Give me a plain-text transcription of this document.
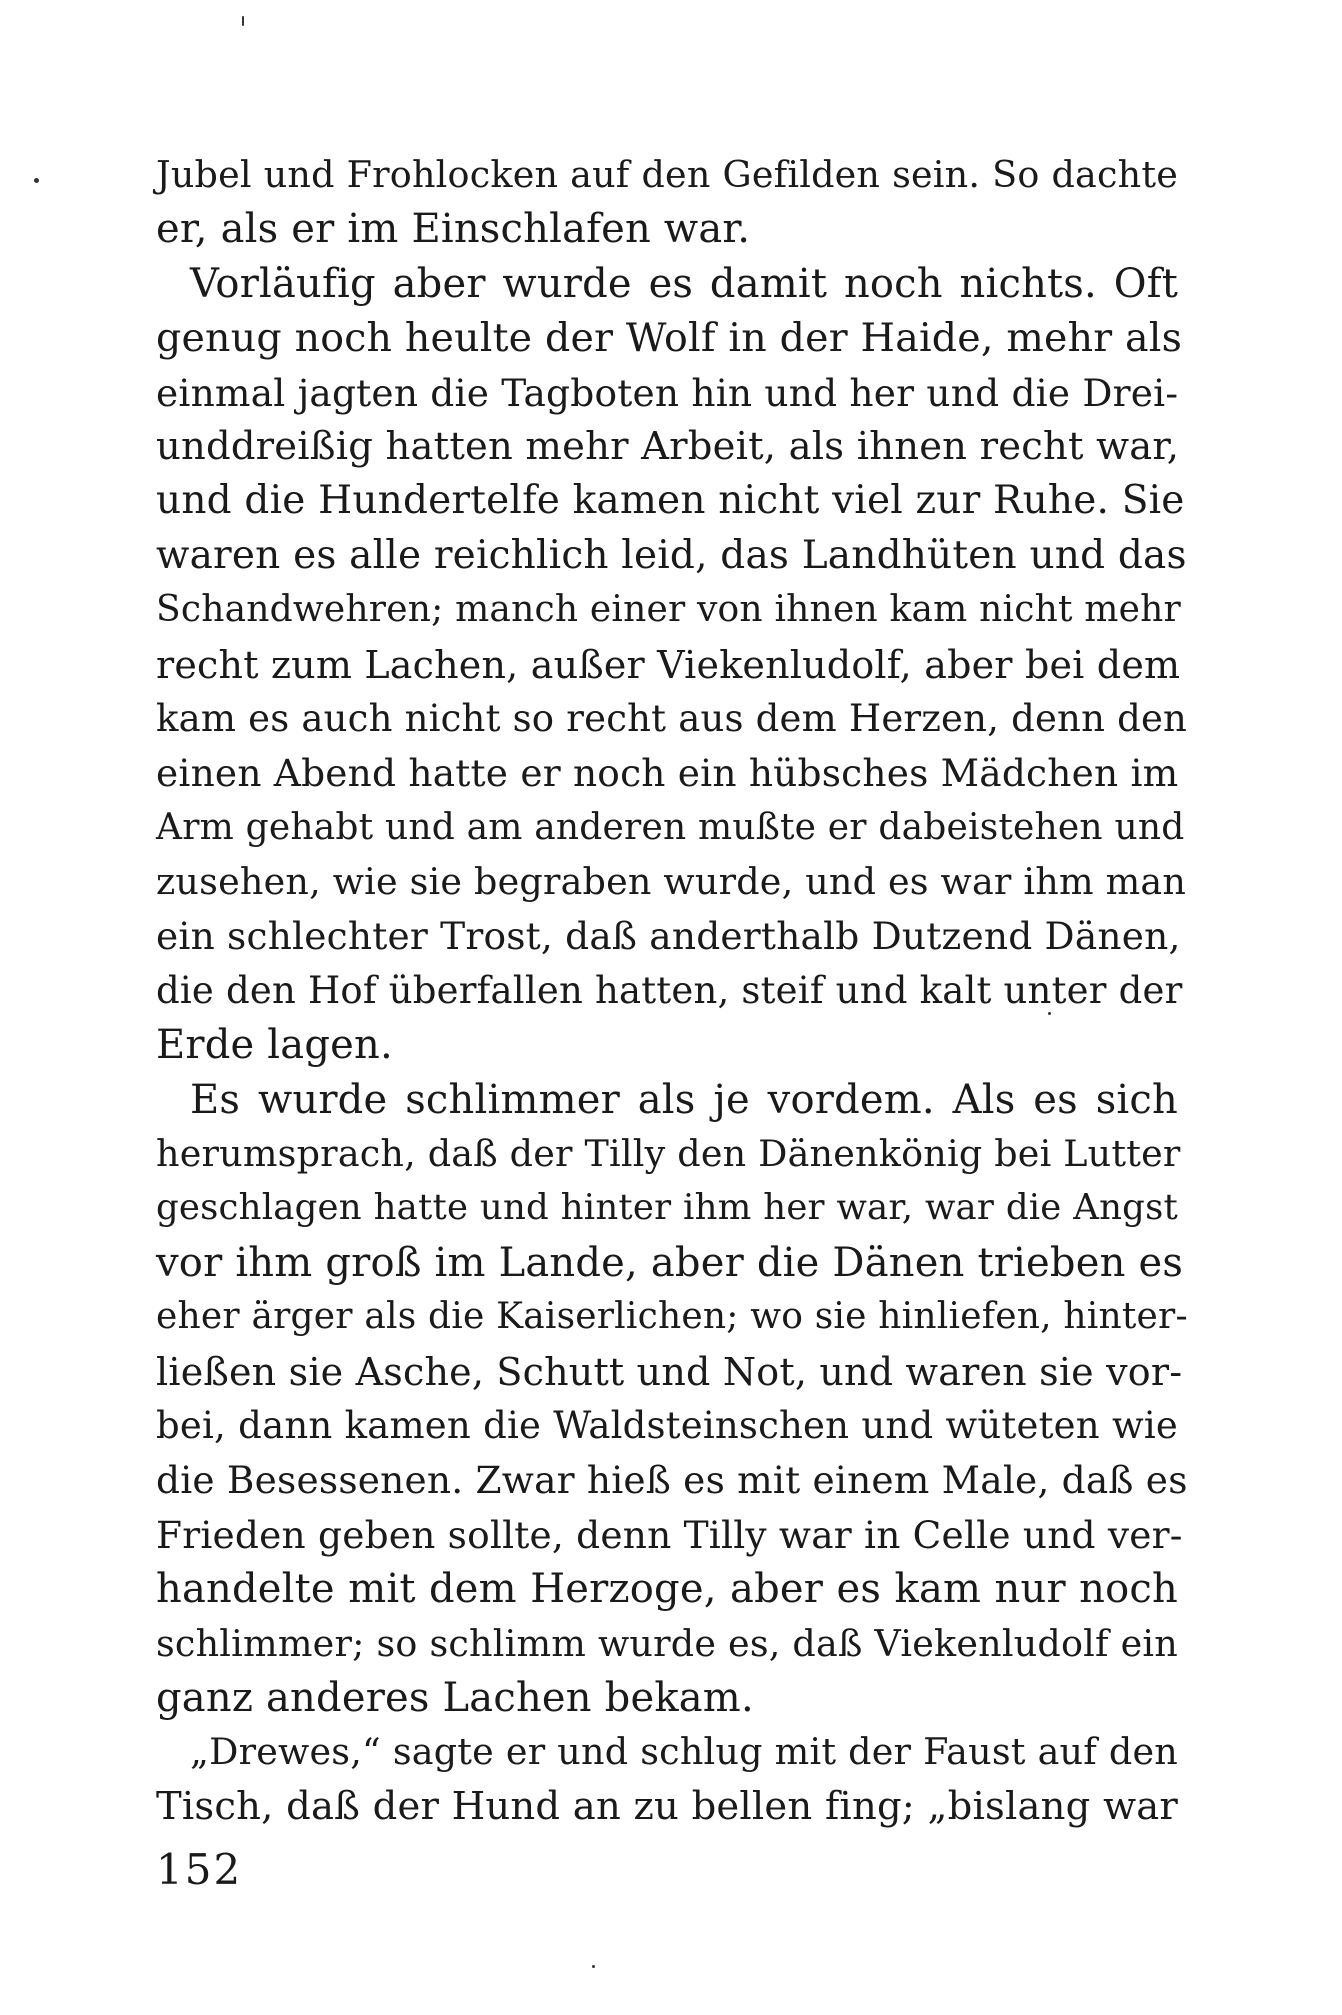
Jubel und Frohlocken auf den Gefilden sein. So dachte
er, als er im Einschlafen war.
Vorläufig aber wurde es damit noch nichts. Oft
genug noch heulte der Wolf in der Haide, mehr als
einmal jagten die Tagboten hin und her und die Drei-
unddreißig hatten mehr Arbeit, als ihnen recht war,
und die Hundertelfe kamen nicht viel zur Ruhe. Sie
waren es alle reichlich leid, das Landhüten und das
Schandwehren; manch einer von ihnen kam nicht mehr
recht zum Lachen, außer Viekenludolf, aber bei dem
kam es auch nicht so recht aus dem Herzen, denn den
einen Abend hatte er noch ein hübsches Mädchen im
Arm gehabt und am anderen mußte er dabeistehen und
zusehen, wie sie begraben wurde, und es war ihm man
ein schlechter Trost, daß anderthalb Dutzend Dänen,
die den Hof überfallen hatten, steif und kalt unter der
Erde lagen.
Es wurde schlimmer als je vordem. Als es sich
herumsprach, daß der Tilly den Dänenkönig bei Lutter
geschlagen hatte und hinter ihm her war, war die Angst
vor ihm groß im Lande, aber die Dänen trieben es
eher ärger als die Kaiserlichen; wo sie hinliefen, hinter-
ließen sie Asche, Schutt und Not, und waren sie vor-
bei, dann kamen die Waldsteinschen und wüteten wie
die Besessenen. Zwar hieß es mit einem Male, daß es
Frieden geben sollte, denn Tilly war in Celle und ver-
handelte mit dem Herzoge, aber es kam nur noch
schlimmer; so schlimm wurde es, daß Viekenludolf ein
ganz anderes Lachen bekam.
„Drewes,“ sagte er und schlug mit der Faust auf den
Tisch, daß der Hund an zu bellen fing; „bislang war
152
